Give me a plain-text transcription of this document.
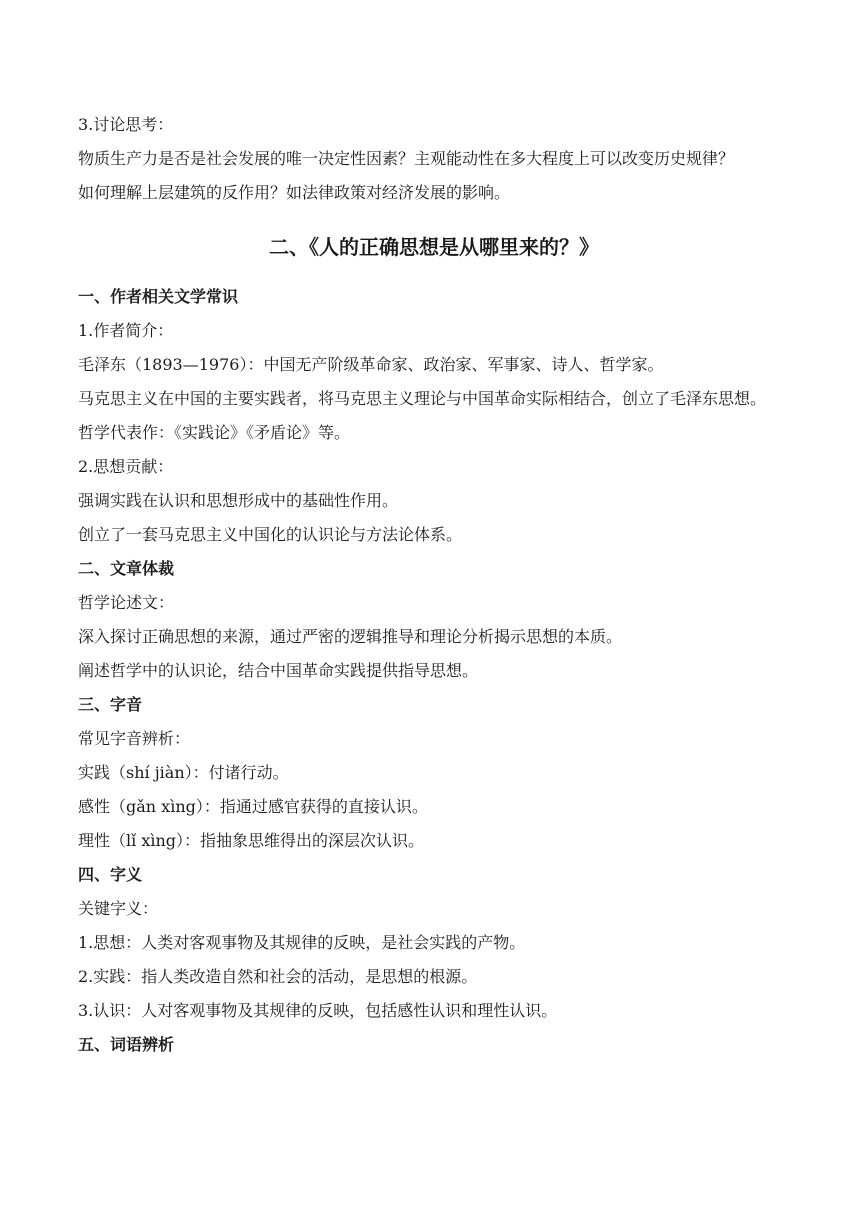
3.讨论思考：

物质生产力是否是社会发展的唯一决定性因素？主观能动性在多大程度上可以改变历史规律？

如何理解上层建筑的反作用？如法律政策对经济发展的影响。

二、《人的正确思想是从哪里来的？》
一、作者相关文学常识

1.作者简介：

毛泽东（1893—1976）：中国无产阶级革命家、政治家、军事家、诗人、哲学家。

马克思主义在中国的主要实践者，将马克思主义理论与中国革命实际相结合，创立了毛泽东思想。

哲学代表作：《实践论》《矛盾论》等。

2.思想贡献：

强调实践在认识和思想形成中的基础性作用。

创立了一套马克思主义中国化的认识论与方法论体系。

二、文章体裁

哲学论述文：

深入探讨正确思想的来源，通过严密的逻辑推导和理论分析揭示思想的本质。

阐述哲学中的认识论，结合中国革命实践提供指导思想。

三、字音

常见字音辨析：

实践（shí jiàn）：付诸行动。

感性（gǎn xìng）：指通过感官获得的直接认识。

理性（lǐ xìng）：指抽象思维得出的深层次认识。

四、字义

关键字义：

1.思想：人类对客观事物及其规律的反映，是社会实践的产物。

2.实践：指人类改造自然和社会的活动，是思想的根源。

3.认识：人对客观事物及其规律的反映，包括感性认识和理性认识。

五、词语辨析
